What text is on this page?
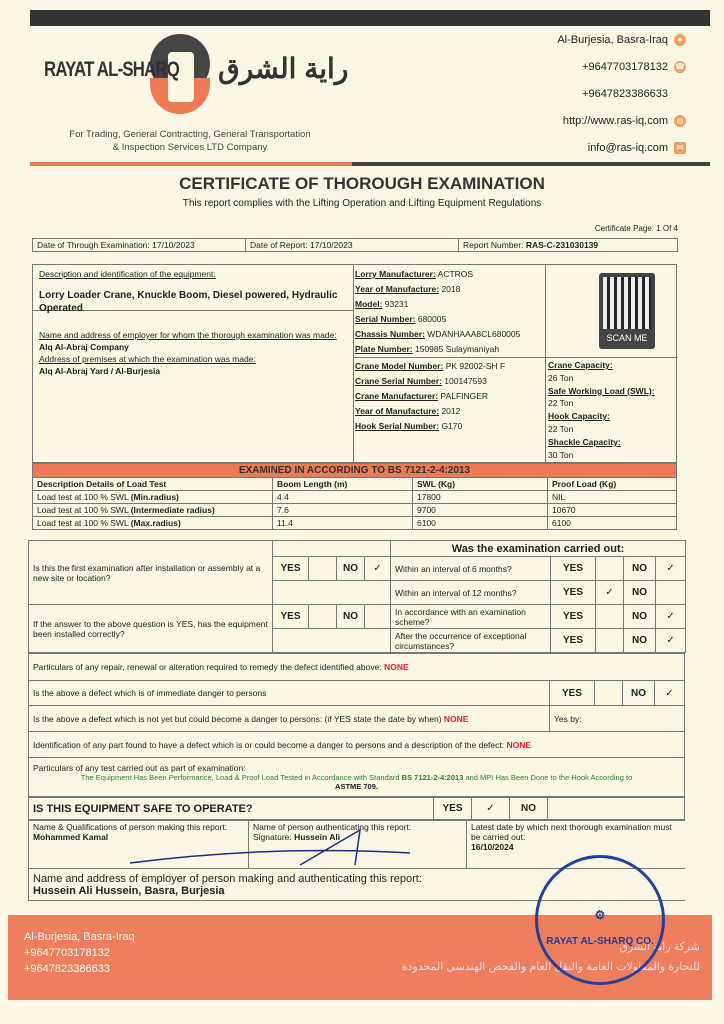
RAYAT AL-SHARQ راية الشرق
For Trading, General Contracting, General Transportation
& Inspection Services LTD Company
Al-Burjesia, Basra-Iraq	●
+9647703178132 ☎
+9647823386633
http://www.ras-iq.com	◎
info@ras-iq.com	✉
CERTIFICATE OF THOROUGH EXAMINATION
This report complies with the Lifting Operation and Lifting Equipment Regulations
Certificate Page: 1 Of 4
Date of Through Examination: 17/10/2023	Date of Report: 17/10/2023	Report Number: RAS-C-231030139
Description and identification of the equipment:
Lorry Loader Crane, Knuckle Boom, Diesel powered, Hydraulic Operated
Name and address of employer for whom the thorough examination was made:
Alq Al-Abraj Company
Address of premises at which the examination was made:
Alq Al-Abraj Yard / Al-Burjesia
Lorry Manufacturer: ACTROS
Year of Manufacture: 2018
Model: 93231
Serial Number: 680005
Chassis Number: WDANHAAA8CL680005
Plate Number: 150985 Sulaymaniyah
SCAN ME
Crane Model Number: PK 92002-SH F
Crane Serial Number: 100147593
Crane Manufacturer: PALFINGER
Year of Manufacture: 2012
Hook Serial Number: G170
Crane Capacity:
26 Ton
Safe Working Load (SWL):
22 Ton
Hook Capacity:
22 Ton
Shackle Capacity:
30 Ton
EXAMINED IN ACCORDING TO BS 7121-2-4:2013			
Description Details of Load Test	Boom Length (m)	SWL (Kg)	Proof Load (Kg)
Load test at 100 % SWL (Min.radius)	4.4	17800	NIL
Load test at 100 % SWL (Intermediate radius)	7.6	9700	10670
Load test at 100 % SWL (Max.radius)	11.4	6100	6100
Is this the first examination after installation or assembly at a new site or location?					Was the examination carried out:				
	YES		NO	✓	Within an interval of 6 months?	YES		NO	✓
					Within an interval of 12 months?	YES	✓	NO	
If the answer to the above question is YES, has the equipment been installed correctly?	YES		NO		In accordance with an examination scheme?	YES		NO	✓
					After the occurrence of exceptional circumstances?	YES		NO	✓
Particulars of any repair, renewal or alteration required to remedy the defect identified above: NONE				
Is the above a defect which is of immediate danger to persons	YES		NO	✓
Is the above a defect which is not yet but could become a danger to persons: (if YES state the date by when) NONE	Yes by:			
Identification of any part found to have a defect which is or could become a danger to persons and a description of the defect: NONE				

Particulars of any test carried out as part of examination:
The Equipment Has Been Performance, Load & Proof Load Tested in Accordance with Standard BS 7121-2-4:2013 and MPI Has Been Done to the Hook According to
ASTME 709.				
IS THIS EQUIPMENT SAFE TO OPERATE?	YES	✓	NO	
Name & Qualifications of person making this report:
Mohammed Kamal

Name of person authenticating this report:
Signature: Hussein Ali

Latest date by which next thorough examination must be carried out:
16/10/2024

Name and address of employer of person making and authenticating this report:
Hussein Ali Hussein, Basra, Burjesia
Al-Burjesia, Basra-Iraq
+9647703178132
+9647823386633
شركة راية الشرق
للتجارة والمقاولات العامة والنقل العام والفحص الهندسي المحدودة
⚙
RAYAT AL-SHARQ CO.
